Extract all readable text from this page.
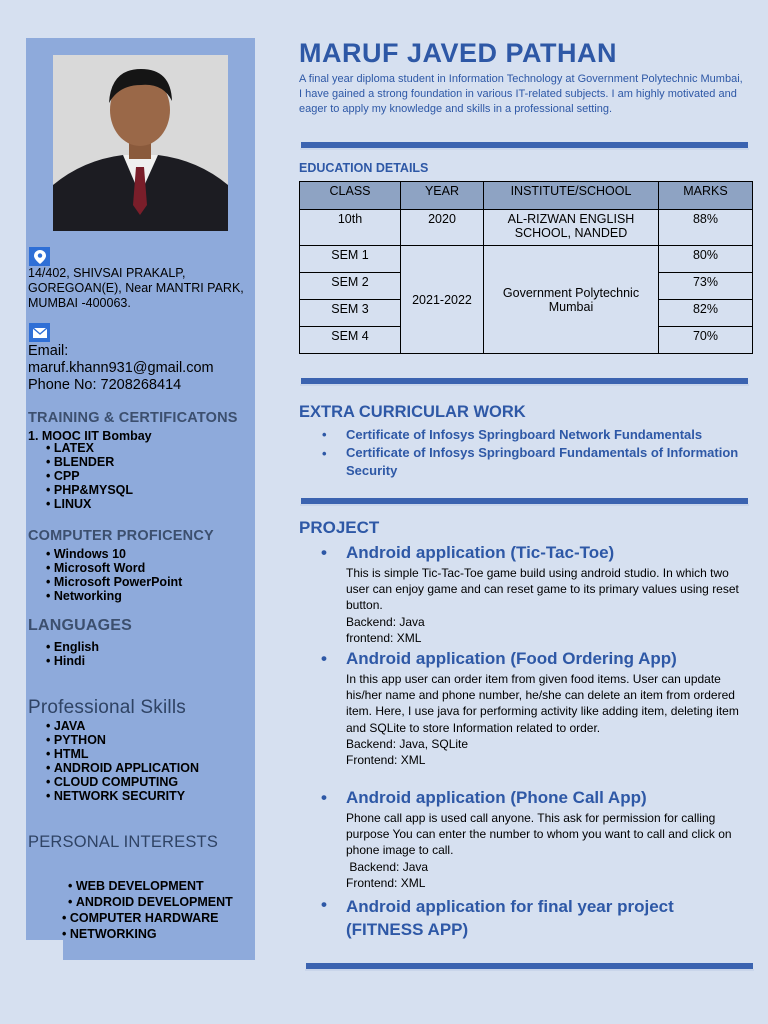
14/402, SHIVSAI PRAKALP, GOREGOAN(E), Near MANTRI PARK, MUMBAI -400063.
Email:
maruf.khann931@gmail.com
Phone No: 7208268414
TRAINING & CERTIFICATONS
1. MOOC IIT Bombay
• LATEX
• BLENDER
• CPP
• PHP&MYSQL
• LINUX
COMPUTER PROFICENCY
• Windows 10
• Microsoft Word
• Microsoft PowerPoint
• Networking
LANGUAGES
• English
• Hindi
Professional Skills
• JAVA
• PYTHON
• HTML
• ANDROID APPLICATION
• CLOUD COMPUTING
• NETWORK SECURITY
PERSONAL INTERESTS
• WEB DEVELOPMENT
• ANDROID DEVELOPMENT
• COMPUTER HARDWARE
• NETWORKING
MARUF JAVED PATHAN
A final year diploma student in Information Technology at Government Polytechnic Mumbai, I have gained a strong foundation in various IT-related subjects. I am highly motivated and eager to apply my knowledge and skills in a professional setting.
EDUCATION DETAILS
CLASS	YEAR	INSTITUTE/SCHOOL	MARKS
10th	2020	AL-RIZWAN ENGLISH SCHOOL, NANDED	88%
SEM 1	2021-2022	Government Polytechnic Mumbai	80%
SEM 2			73%
SEM 3			82%
SEM 4			70%
EXTRA CURRICULAR WORK
•
•
Certificate of Infosys Springboard Network Fundamentals
Certificate of Infosys Springboard Fundamentals of Information Security
PROJECT
• Android application (Tic-Tac-Toe)
This is simple Tic-Tac-Toe game build using android studio. In which two user can enjoy game and can reset game to its primary values using reset button.
Backend: Java
frontend: XML
• Android application (Food Ordering App)
In this app user can order item from given food items. User can update his/her name and phone number, he/she can delete an item from ordered item. Here, I use java for performing activity like adding item, deleting item and SQLite to store Information related to order.
Backend: Java, SQLite
Frontend: XML
• Android application (Phone Call App)
Phone call app is used call anyone. This ask for permission for calling purpose You can enter the number to whom you want to call and click on phone image to call.
Backend: Java
Frontend: XML
• Android application for final year project (FITNESS APP)
